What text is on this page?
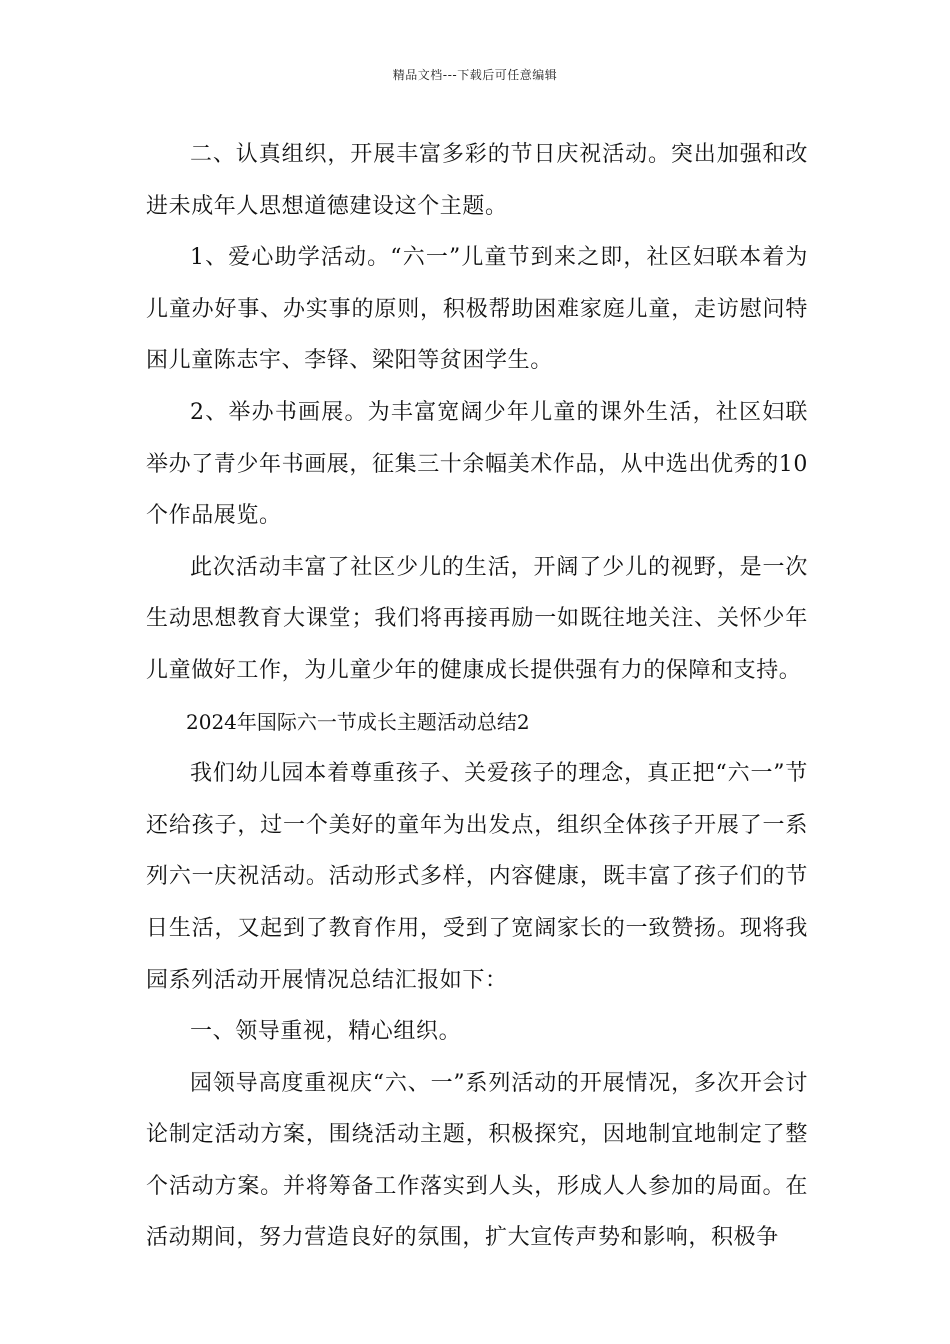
精品文档---下载后可任意编辑

二、认真组织，开展丰富多彩的节日庆祝活动。突出加强和改进未成年人思想道德建设这个主题。

1、爱心助学活动。“六一”儿童节到来之即，社区妇联本着为儿童办好事、办实事的原则，积极帮助困难家庭儿童，走访慰问特困儿童陈志宇、李铎、梁阳等贫困学生。

2、举办书画展。为丰富宽阔少年儿童的课外生活，社区妇联举办了青少年书画展，征集三十余幅美术作品，从中选出优秀的10个作品展览。

此次活动丰富了社区少儿的生活，开阔了少儿的视野，是一次生动思想教育大课堂；我们将再接再励一如既往地关注、关怀少年儿童做好工作，为儿童少年的健康成长提供强有力的保障和支持。

2024年国际六一节成长主题活动总结2

我们幼儿园本着尊重孩子、关爱孩子的理念，真正把“六一”节还给孩子，过一个美好的童年为出发点，组织全体孩子开展了一系列六一庆祝活动。活动形式多样，内容健康，既丰富了孩子们的节日生活，又起到了教育作用，受到了宽阔家长的一致赞扬。现将我园系列活动开展情况总结汇报如下：

一、领导重视，精心组织。

园领导高度重视庆“六、一”系列活动的开展情况，多次开会讨论制定活动方案，围绕活动主题，积极探究，因地制宜地制定了整个活动方案。并将筹备工作落实到人头，形成人人参加的局面。在活动期间，努力营造良好的氛围，扩大宣传声势和影响，积极争
